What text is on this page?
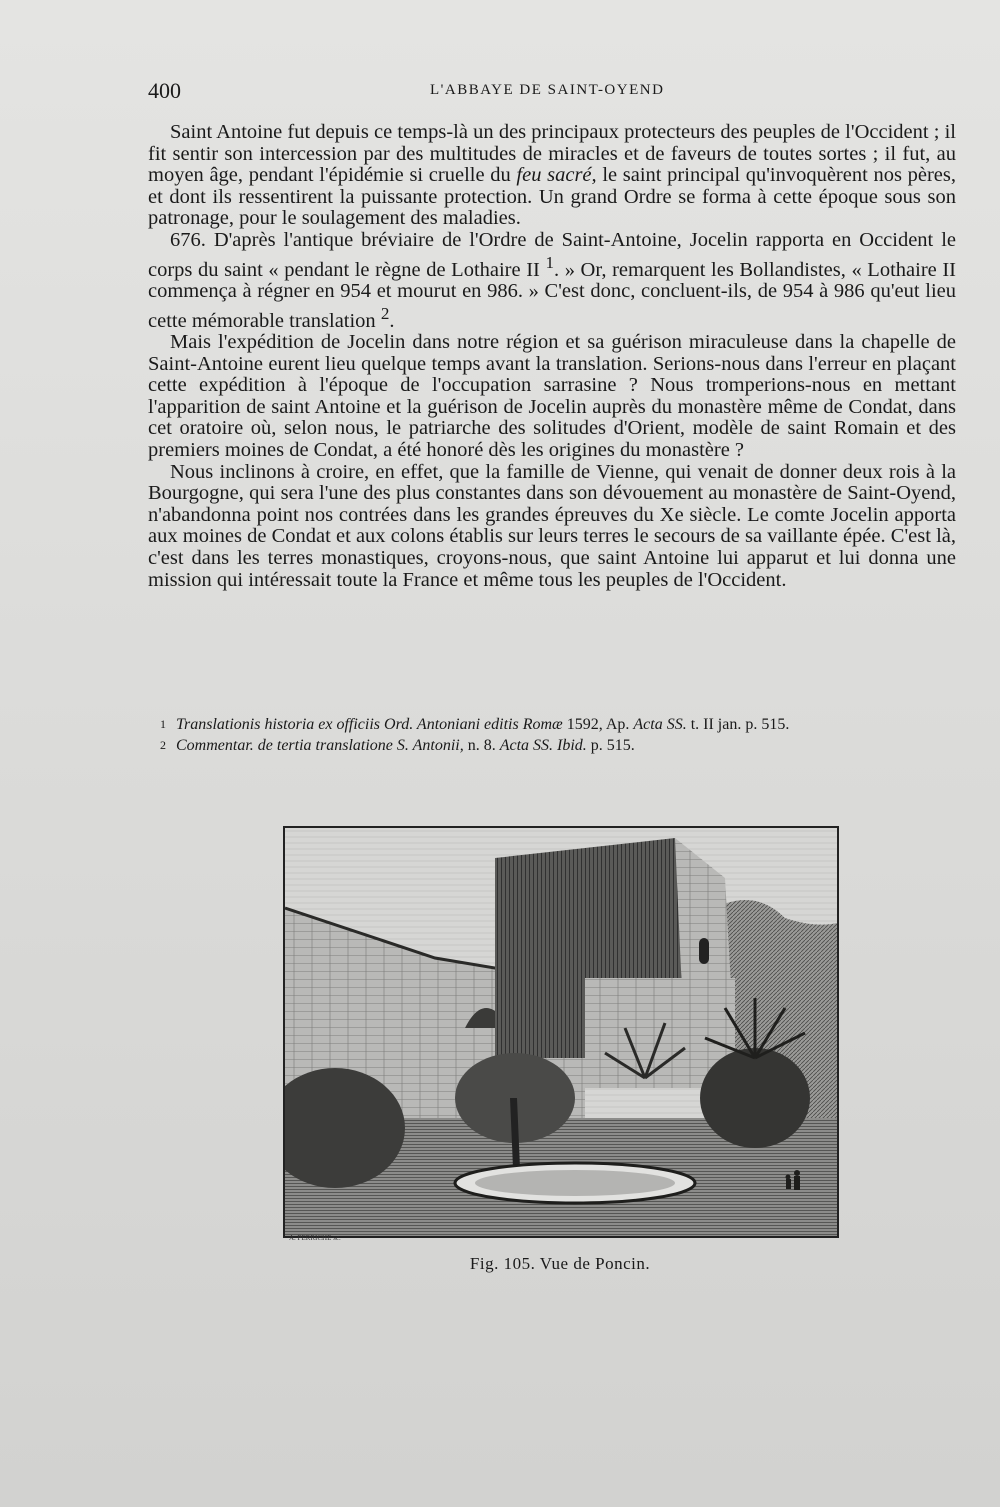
400	L'ABBAYE DE SAINT-OYEND

Saint Antoine fut depuis ce temps-là un des principaux protecteurs des peuples de l'Occident ; il fit sentir son intercession par des multitudes de miracles et de faveurs de toutes sortes ; il fut, au moyen âge, pendant l'épidémie si cruelle du feu sacré, le saint principal qu'invoquèrent nos pères, et dont ils ressentirent la puissante protection. Un grand Ordre se forma à cette époque sous son patronage, pour le soulagement des maladies.

676. D'après l'antique bréviaire de l'Ordre de Saint-Antoine, Jocelin rapporta en Occident le corps du saint « pendant le règne de Lothaire II $^1$. » Or, remarquent les Bollandistes, « Lothaire II commença à régner en 954 et mourut en 986. » C'est donc, concluent-ils, de 954 à 986 qu'eut lieu cette mémorable translation $^2$.

Mais l'expédition de Jocelin dans notre région et sa guérison miraculeuse dans la chapelle de Saint-Antoine eurent lieu quelque temps avant la translation. Serions-nous dans l'erreur en plaçant cette expédition à l'époque de l'occupation sarrasine ? Nous tromperions-nous en mettant l'apparition de saint Antoine et la guérison de Jocelin auprès du monastère même de Condat, dans cet oratoire où, selon nous, le patriarche des solitudes d'Orient, modèle de saint Romain et des premiers moines de Condat, a été honoré dès les origines du monastère ?

Nous inclinons à croire, en effet, que la famille de Vienne, qui venait de donner deux rois à la Bourgogne, qui sera l'une des plus constantes dans son dévouement au monastère de Saint-Oyend, n'abandonna point nos contrées dans les grandes épreuves du Xe siècle. Le comte Jocelin apporta aux moines de Condat et aux colons établis sur leurs terres le secours de sa vaillante épée. C'est là, c'est dans les terres monastiques, croyons-nous, que saint Antoine lui apparut et lui donna une mission qui intéressait toute la France et même tous les peuples de l'Occident.

1 Translationis historia ex officiis Ord. Antoniani editis Romæ 1592, Ap. Acta SS. t. II jan. p. 515.
2 Commentar. de tertia translatione S. Antonii, n. 8. Acta SS. Ibid. p. 515.
A. PERRICHE sc.
Fig. 105. Vue de Poncin.
